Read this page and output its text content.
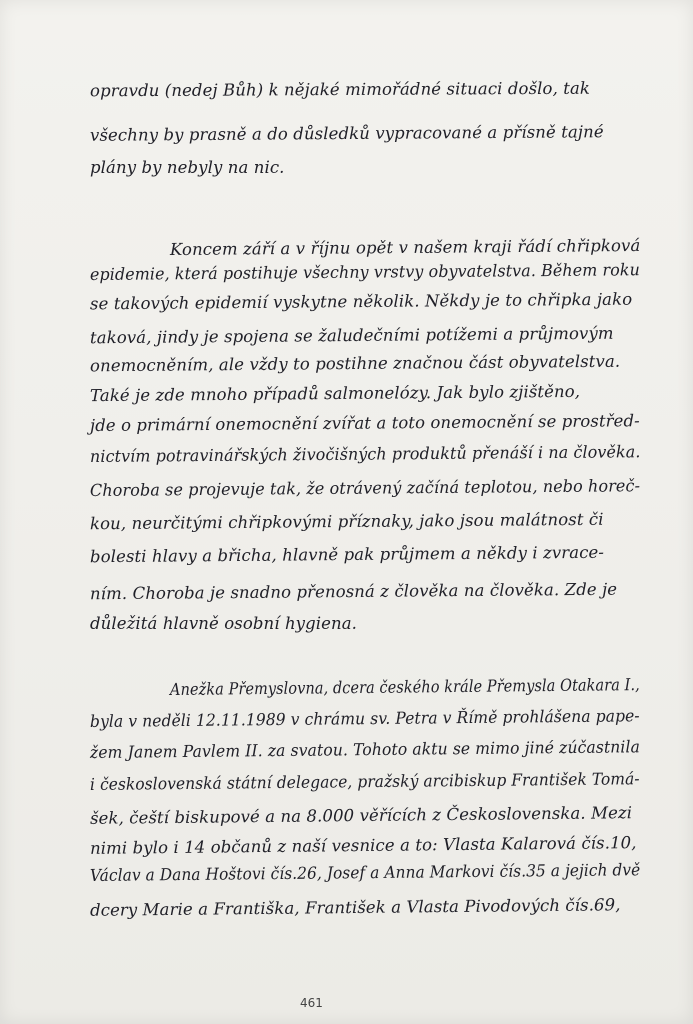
opravdu (nedej Bůh) k nějaké mimořádné situaci došlo, tak
všechny by prasně a do důsledků vypracované a přísně tajné
plány by nebyly na nic.
Koncem září a v říjnu opět v našem kraji řádí chřipková
epidemie, která postihuje všechny vrstvy obyvatelstva. Během roku
se takových epidemií vyskytne několik. Někdy je to chřipka jako
taková, jindy je spojena se žaludečními potížemi a průjmovým
onemocněním, ale vždy to postihne značnou část obyvatelstva.
Také je zde mnoho případů salmonelózy. Jak bylo zjištěno,
jde o primární onemocnění zvířat a toto onemocnění se prostřed-
nictvím potravinářských živočišných produktů přenáší i na člověka.
Choroba se projevuje tak, že otrávený začíná teplotou, nebo horeč-
kou, neurčitými chřipkovými příznaky, jako jsou malátnost či
bolesti hlavy a břicha, hlavně pak průjmem a někdy i zvrace-
ním. Choroba je snadno přenosná z člověka na člověka. Zde je
důležitá hlavně osobní hygiena.
Anežka Přemyslovna, dcera českého krále Přemysla Otakara I.,
byla v neděli 12.11.1989 v chrámu sv. Petra v Římě prohlášena pape-
žem Janem Pavlem II. za svatou. Tohoto aktu se mimo jiné zúčastnila
i československá státní delegace, pražský arcibiskup František Tomá-
šek, čeští biskupové a na 8.000 věřících z Československa. Mezi
nimi bylo i 14 občanů z naší vesnice a to: Vlasta Kalarová čís.10,
Václav a Dana Hoštovi čís.26, Josef a Anna Markovi čís.35 a jejich dvě
dcery Marie a Františka, František a Vlasta Pivodových čís.69,
461
